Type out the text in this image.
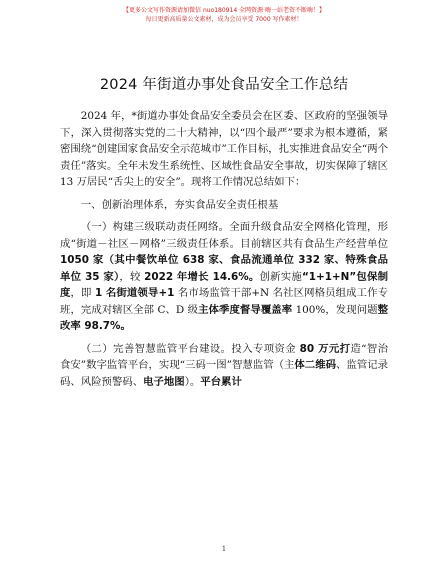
【更多公文写作资源请加微信 nuo180914 全网资源·嗨一站老资不断嗨！】
每日更新高质量公文素材，成为会员享受 7000 写作素材！
2024 年街道办事处食品安全工作总结

2024 年，*街道办事处食品安全委员会在区委、区政府的坚强领导下，深入贯彻落实党的二十大精神，以“四个最严”要求为根本遵循，紧密围绕“创建国家食品安全示范城市”工作目标，扎实推进食品安全“两个责任”落实。全年未发生系统性、区域性食品安全事故，切实保障了辖区 13 万居民“舌尖上的安全”。现将工作情况总结如下：

一、创新治理体系，夯实食品安全责任根基

（一）构建三级联动责任网络。全面升级食品安全网格化管理，形成“街道－社区－网格”三级责任体系。目前辖区共有食品生产经营单位 1050 家（其中餐饮单位 638 家、食品流通单位 332 家、特殊食品单位 35 家），较 2022 年增长 14.6%。创新实施“1+1+N”包保制度，即 1 名街道领导+1 名市场监管干部+N 名社区网格员组成工作专班，完成对辖区全部 C、D 级主体季度督导覆盖率 100%，发现问题整改率 98.7%。

（二）完善智慧监管平台建设。投入专项资金 80 万元打造“智治食安”数字监管平台，实现“三码一图”智慧监管（主体二维码、监管记录码、风险预警码、电子地图）。平台累计

1
